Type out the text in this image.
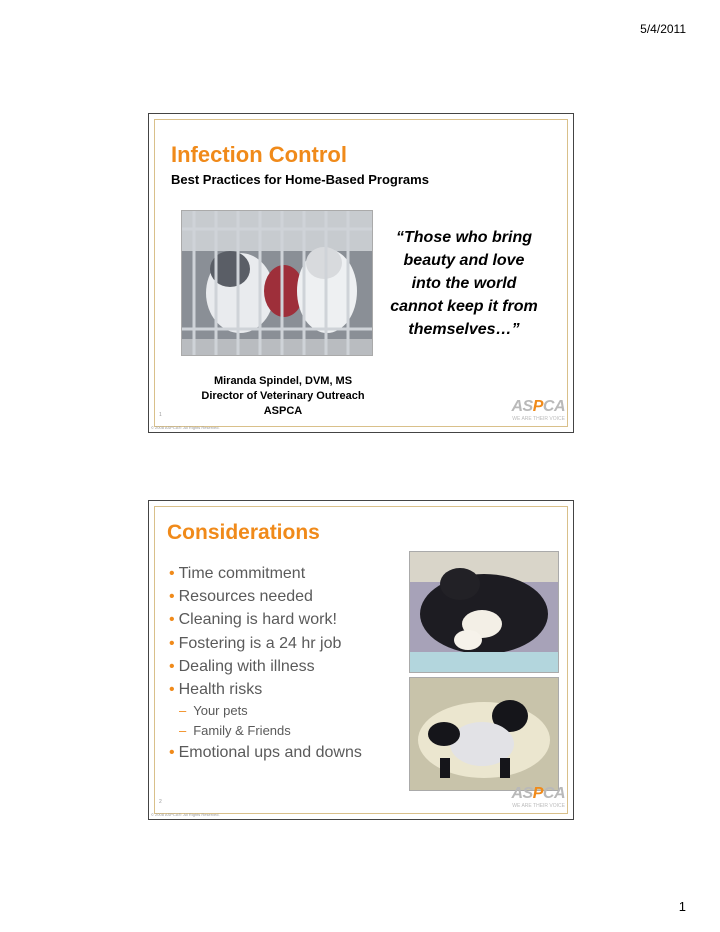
5/4/2011
Infection Control
Best Practices for Home-Based Programs
“Those who bring
beauty and love
into the world
cannot keep it from
themselves…”
Miranda Spindel, DVM, MS
Director of Veterinary Outreach
ASPCA
1	ASPCA
WE ARE THEIR VOICE
© 2008 ASPCA®. All Rights Reserved.
Considerations
• Time commitment
• Resources needed
• Cleaning is hard work!
• Fostering is a 24 hr job
• Dealing with illness
• Health risks
– Your pets
– Family & Friends
• Emotional ups and downs
2	ASPCA
WE ARE THEIR VOICE
© 2008 ASPCA®. All Rights Reserved.
1
